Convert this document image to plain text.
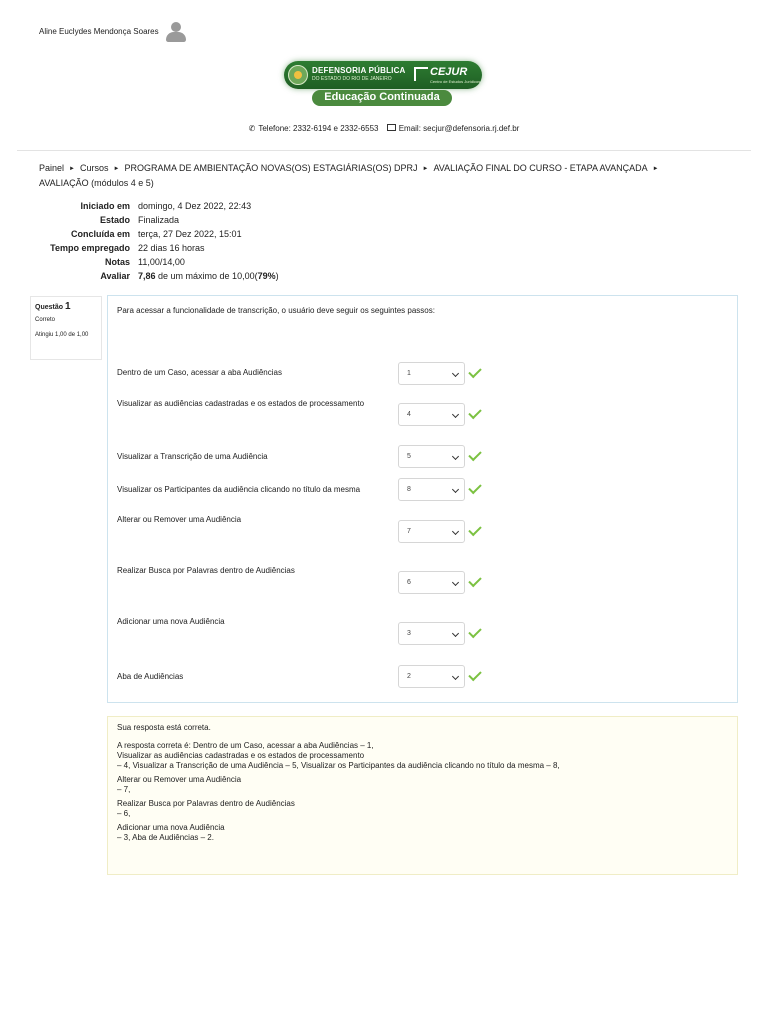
Aline Euclydes Mendonça Soares
DEFENSORIA PÚBLICA
DO ESTADO DO RIO DE JANEIRO
CEJUR
Centro de Estudos Jurídicos
Educação Continuada
✆ Telefone: 2332-6194 e 2332-6553	Email: secjur@defensoria.rj.def.br
Painel ► Cursos ► PROGRAMA DE AMBIENTAÇÃO NOVAS(OS) ESTAGIÁRIAS(OS) DPRJ ► AVALIAÇÃO FINAL DO CURSO - ETAPA AVANÇADA ►
AVALIAÇÃO (módulos 4 e 5)
Iniciado em domingo, 4 Dez 2022, 22:43
Estado Finalizada
Concluída em terça, 27 Dez 2022, 15:01
Tempo empregado 22 dias 16 horas
Notas 11,00/14,00
Avaliar 7,86 de um máximo de 10,00(79%)
Questão 1
Correto
Atingiu 1,00 de 1,00
Para acessar a funcionalidade de transcrição, o usuário deve seguir os seguintes passos:
Dentro de um Caso, acessar a aba Audiências	1
Visualizar as audiências cadastradas e os estados de processamento
4
Visualizar a Transcrição de uma Audiência	5
Visualizar os Participantes da audiência clicando no título da mesma	8
Alterar ou Remover uma Audiência
7
Realizar Busca por Palavras dentro de Audiências
6
Adicionar uma nova Audiência
3
Aba de Audiências	2
Sua resposta está correta.
A resposta correta é: Dentro de um Caso, acessar a aba Audiências – 1,
Visualizar as audiências cadastradas e os estados de processamento
– 4, Visualizar a Transcrição de uma Audiência – 5, Visualizar os Participantes da audiência clicando no título da mesma – 8,
Alterar ou Remover uma Audiência
– 7,
Realizar Busca por Palavras dentro de Audiências
– 6,
Adicionar uma nova Audiência
– 3, Aba de Audiências – 2.
